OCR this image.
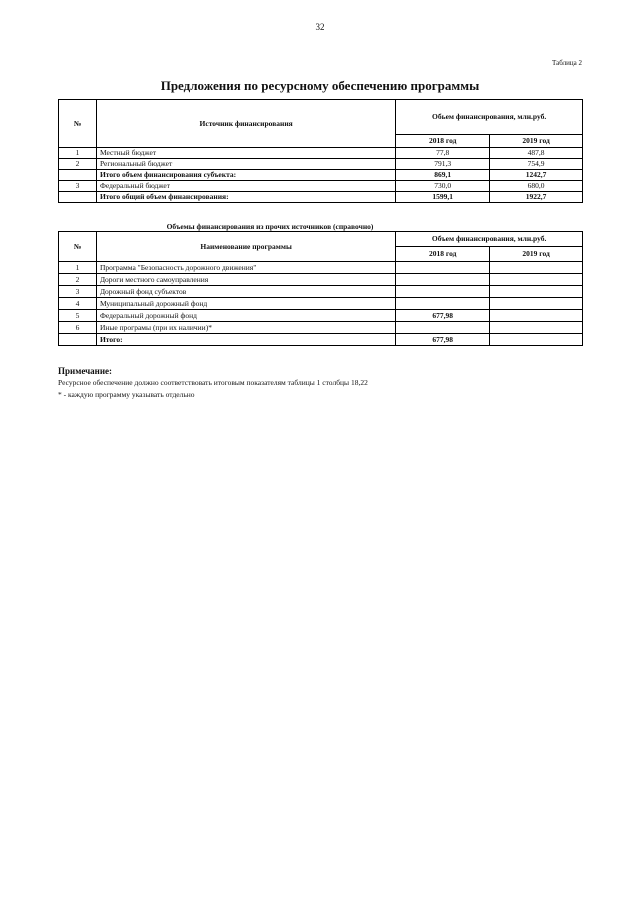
32
Таблица 2
Предложения по ресурсному обеспечению программы
№	Источник финансирования	Обьем финансирования, млн.руб.	
		2018 год	2019 год
1	Местный бюджет	77,8	487,8
2	Региональный бюджет	791,3	754,9
	Итого объем финансирования субъекта:	869,1	1242,7
3	Федеральный бюджет	730,0	680,0
	Итого общий объем финансирования:	1599,1	1922,7
Объемы финансирования из прочих источников (справочно)
№	Наименование программы	Объем финансирования, млн.руб.	
		2018 год	2019 год
1	Программа "Безопасность дорожного движения"		
2	Дороги местного самоуправления		
3	Дорожный фонд субъектов		
4	Муниципальный дорожный фонд		
5	Федеральный дорожный фонд	677,98	
6	Иные програмы (при их наличии)*		
	Итого:	677,98	
Примечание:
Ресурсное обеспечение должно соответствовать итоговым показателям таблицы 1 столбцы 18,22
* - каждую программу указывать отдельно
